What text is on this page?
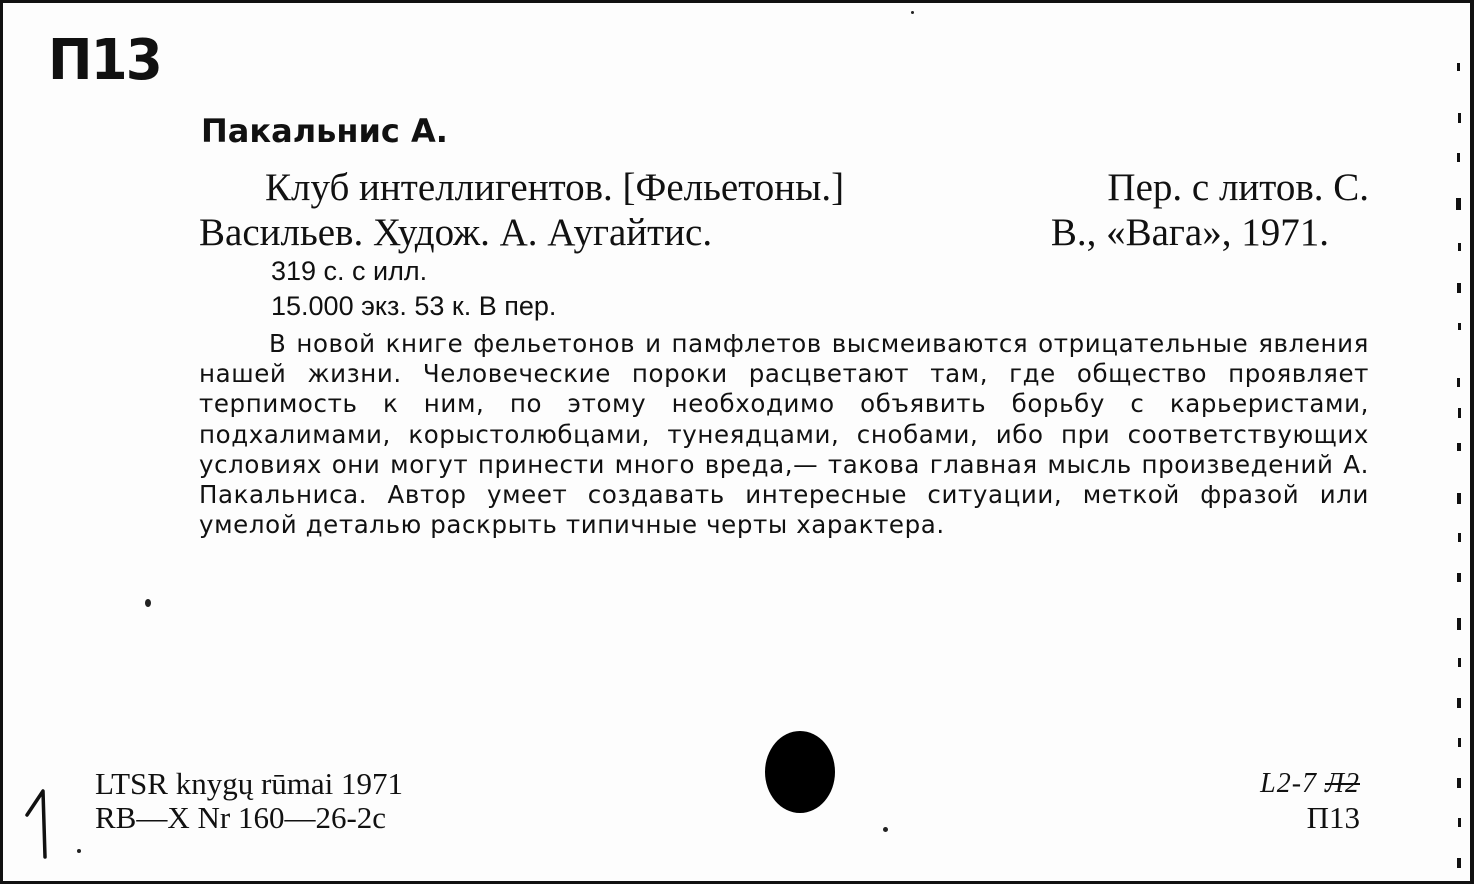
П13
Пакальнис А.
Клуб интеллигентов. [Фельетоны.]	Пер. с литов. С.
Васильев. Худож. А. Аугайтис.	В., «Вага», 1971.
319 с. с илл.
15.000 экз. 53 к. В пер.
В новой книге фельетонов и памфлетов высмеиваются отрицательные явления нашей жизни. Человеческие пороки расцветают там, где общество проявляет терпимость к ним, по этому необходимо объявить борьбу с карьеристами, подхалимами, корыстолюбцами, тунеядцами, снобами, ибо при соответствующих условиях они могут принести много вреда,— такова главная мысль произведений А. Пакальниса. Автор умеет создавать интересные ситуации, меткой фразой или умелой деталью раскрыть типичные черты характера.
LTSR knygų rūmai 1971
RB—X Nr 160—26-2c
L2-7 Л2
П13
